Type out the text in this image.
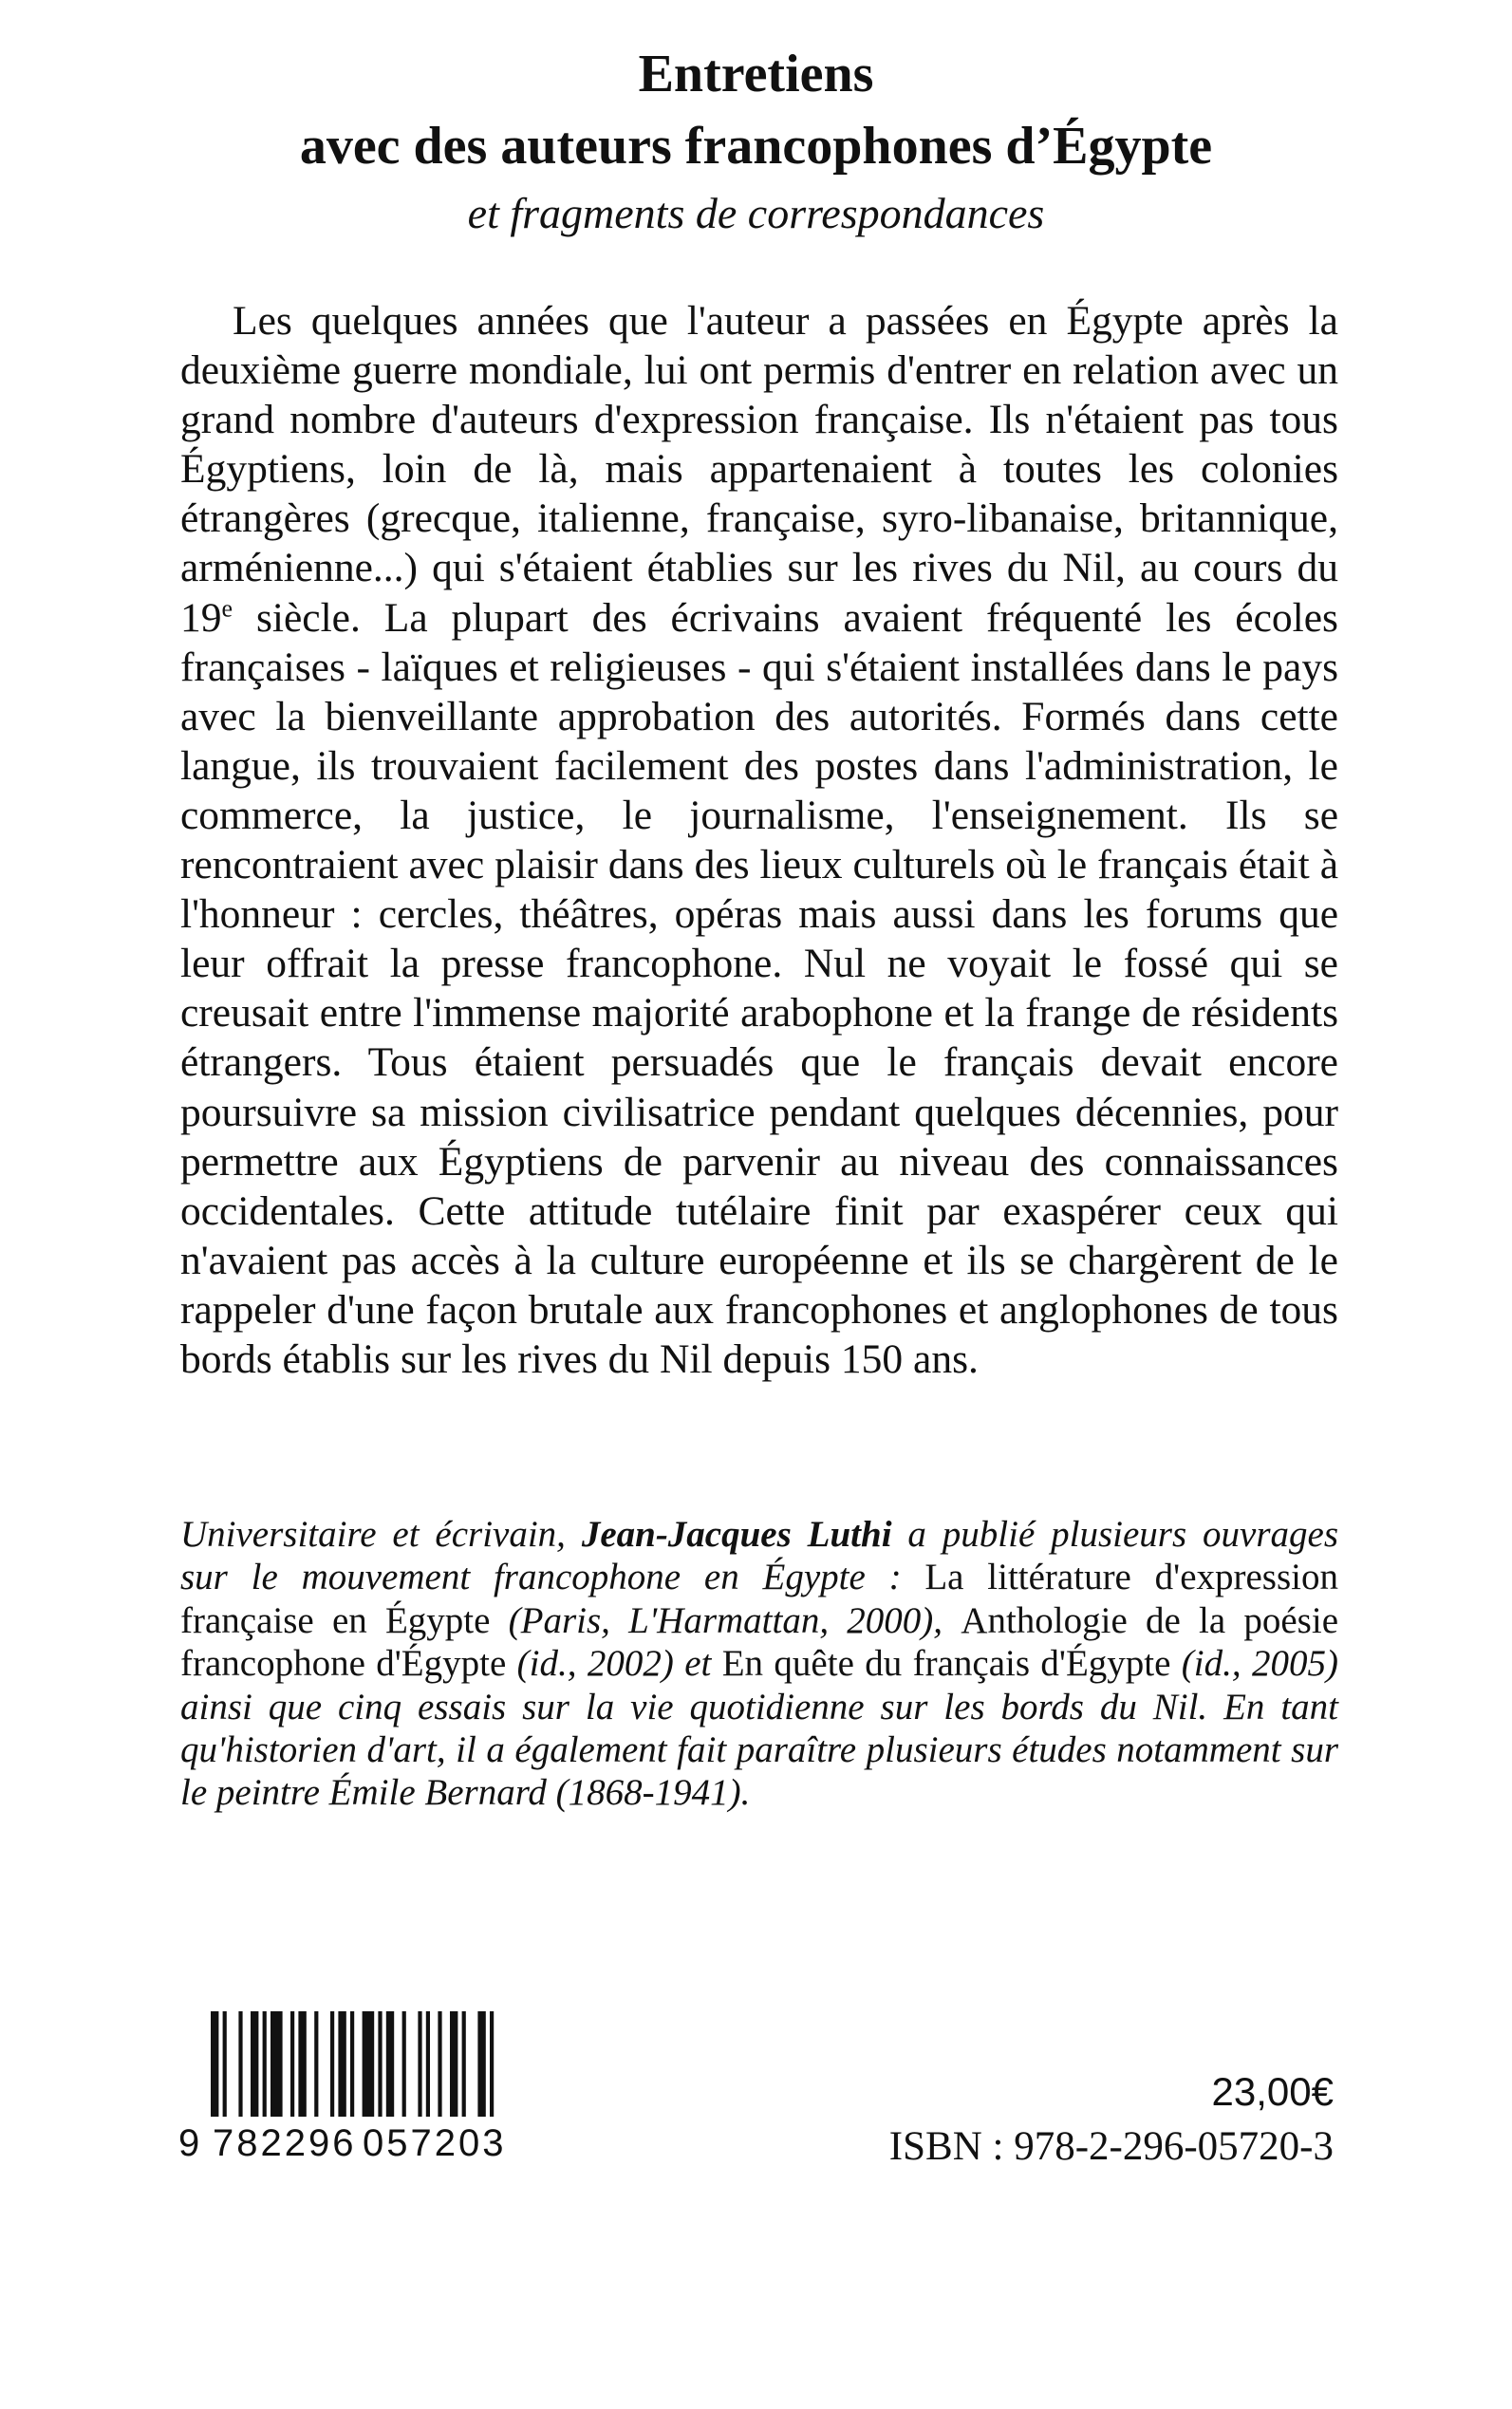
Entretiens

avec des auteurs francophones d’Égypte

et fragments de correspondances

Les quelques années que l'auteur a passées en Égypte après la deuxième guerre mondiale, lui ont permis d'entrer en relation avec un grand nombre d'auteurs d'expression française. Ils n'étaient pas tous Égyptiens, loin de là, mais appartenaient à toutes les colonies étrangères (grecque, italienne, française, syro-libanaise, britannique, arménienne...) qui s'étaient établies sur les rives du Nil, au cours du 19e siècle. La plupart des écrivains avaient fréquenté les écoles françaises - laïques et religieuses - qui s'étaient installées dans le pays avec la bienveillante approbation des autorités. Formés dans cette langue, ils trouvaient facilement des postes dans l'administration, le commerce, la justice, le journalisme, l'enseignement. Ils se rencontraient avec plaisir dans des lieux culturels où le français était à l'honneur : cercles, théâtres, opéras mais aussi dans les forums que leur offrait la presse francophone. Nul ne voyait le fossé qui se creusait entre l'immense majorité arabophone et la frange de résidents étrangers. Tous étaient persuadés que le français devait encore poursuivre sa mission civilisatrice pendant quelques décennies, pour permettre aux Égyptiens de parvenir au niveau des connaissances occidentales. Cette attitude tutélaire finit par exaspérer ceux qui n'avaient pas accès à la culture européenne et ils se chargèrent de le rappeler d'une façon brutale aux francophones et anglophones de tous bords établis sur les rives du Nil depuis 150 ans.

Universitaire et écrivain, Jean-Jacques Luthi a publié plusieurs ouvrages sur le mouvement francophone en Égypte : La littérature d'expression française en Égypte (Paris, L'Harmattan, 2000), Anthologie de la poésie francophone d'Égypte (id., 2002) et En quête du français d'Égypte (id., 2005) ainsi que cinq essais sur la vie quotidienne sur les bords du Nil. En tant qu'historien d'art, il a également fait paraître plusieurs études notamment sur le peintre Émile Bernard (1868-1941).

9 782296 057203
23,00€
ISBN : 978-2-296-05720-3
